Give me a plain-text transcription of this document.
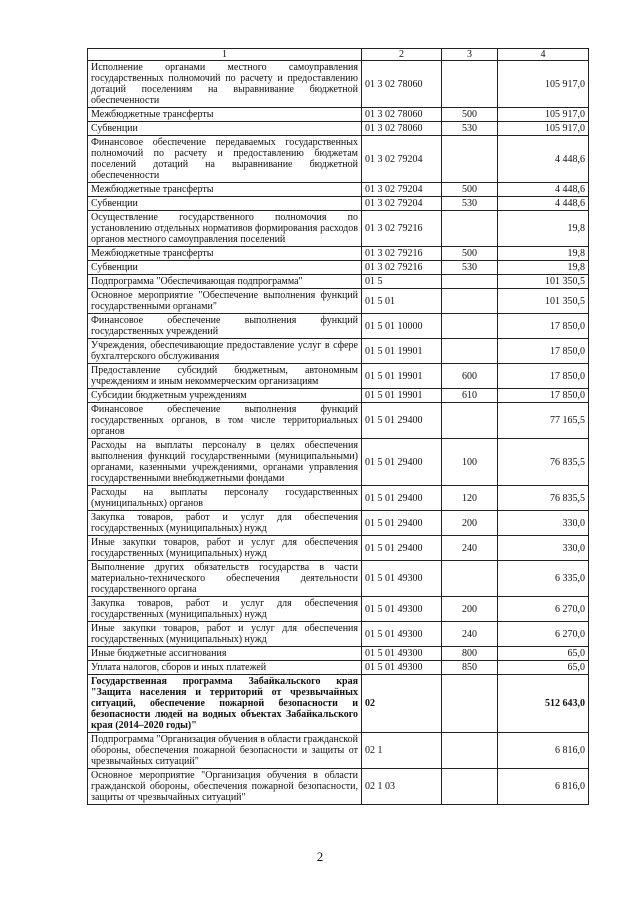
1	2	3	4
Исполнение органами местного самоуправления государственных полномочий по расчету и предоставлению дотаций поселениям на выравнивание бюджетной обеспеченности	01 3 02 78060		105 917,0
Межбюджетные трансферты	01 3 02 78060	500	105 917,0
Субвенции	01 3 02 78060	530	105 917,0
Финансовое обеспечение передаваемых государственных полномочий по расчету и предоставлению бюджетам поселений дотаций на выравнивание бюджетной обеспеченности	01 3 02 79204		4 448,6
Межбюджетные трансферты	01 3 02 79204	500	4 448,6
Субвенции	01 3 02 79204	530	4 448,6
Осуществление государственного полномочия по установлению отдельных нормативов формирования расходов органов местного самоуправления поселений	01 3 02 79216		19,8
Межбюджетные трансферты	01 3 02 79216	500	19,8
Субвенции	01 3 02 79216	530	19,8
Подпрограмма "Обеспечивающая подпрограмма"	01 5		101 350,5
Основное мероприятие "Обеспечение выполнения функций государственными органами"	01 5 01		101 350,5
Финансовое обеспечение выполнения функций государственных учреждений	01 5 01 10000		17 850,0
Учреждения, обеспечивающие предоставление услуг в сфере бухгалтерского обслуживания	01 5 01 19901		17 850,0
Предоставление субсидий бюджетным, автономным учреждениям и иным некоммерческим организациям	01 5 01 19901	600	17 850,0
Субсидии бюджетным учреждениям	01 5 01 19901	610	17 850,0
Финансовое обеспечение выполнения функций государственных органов, в том числе территориальных органов	01 5 01 29400		77 165,5
Расходы на выплаты персоналу в целях обеспечения выполнения функций государственными (муниципальными) органами, казенными учреждениями, органами управления государственными внебюджетными фондами	01 5 01 29400	100	76 835,5
Расходы на выплаты персоналу государственных (муниципальных) органов	01 5 01 29400	120	76 835,5
Закупка товаров, работ и услуг для обеспечения государственных (муниципальных) нужд	01 5 01 29400	200	330,0
Иные закупки товаров, работ и услуг для обеспечения государственных (муниципальных) нужд	01 5 01 29400	240	330,0
Выполнение других обязательств государства в части материально-технического обеспечения деятельности государственного органа	01 5 01 49300		6 335,0
Закупка товаров, работ и услуг для обеспечения государственных (муниципальных) нужд	01 5 01 49300	200	6 270,0
Иные закупки товаров, работ и услуг для обеспечения государственных (муниципальных) нужд	01 5 01 49300	240	6 270,0
Иные бюджетные ассигнования	01 5 01 49300	800	65,0
Уплата налогов, сборов и иных платежей	01 5 01 49300	850	65,0
Государственная программа Забайкальского края "Защита населения и территорий от чрезвычайных ситуаций, обеспечение пожарной безопасности и безопасности людей на водных объектах Забайкальского края (2014–2020 годы)"	02		512 643,0
Подпрограмма "Организация обучения в области гражданской обороны, обеспечения пожарной безопасности и защиты от чрезвычайных ситуаций"	02 1		6 816,0
Основное мероприятие "Организация обучения в области гражданской обороны, обеспечения пожарной безопасности, защиты от чрезвычайных ситуаций"	02 1 03		6 816,0
2
